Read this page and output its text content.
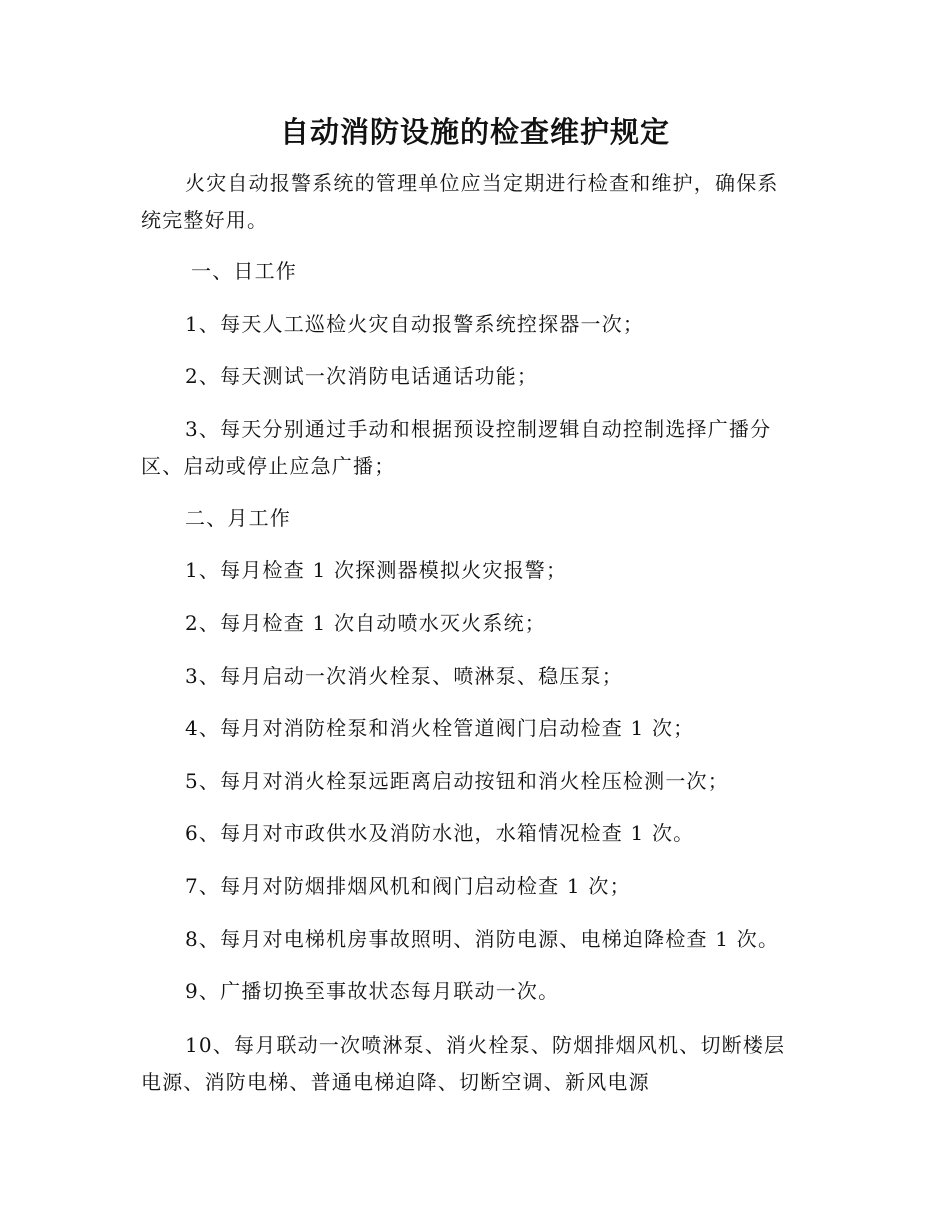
自动消防设施的检查维护规定
火灾自动报警系统的管理单位应当定期进行检查和维护，确保系
统完整好用。
一、日工作
1、每天人工巡检火灾自动报警系统控探器一次；
2、每天测试一次消防电话通话功能；
3、每天分别通过手动和根据预设控制逻辑自动控制选择广播分
区、启动或停止应急广播；
二、月工作
1、每月检查 1 次探测器模拟火灾报警；
2、每月检查 1 次自动喷水灭火系统；
3、每月启动一次消火栓泵、喷淋泵、稳压泵；
4、每月对消防栓泵和消火栓管道阀门启动检查 1 次；
5、每月对消火栓泵远距离启动按钮和消火栓压检测一次；
6、每月对市政供水及消防水池，水箱情况检查 1 次。
7、每月对防烟排烟风机和阀门启动检查 1 次；
8、每月对电梯机房事故照明、消防电源、电梯迫降检查 1 次。
9、广播切换至事故状态每月联动一次。
10、每月联动一次喷淋泵、消火栓泵、防烟排烟风机、切断楼层
电源、消防电梯、普通电梯迫降、切断空调、新风电源
